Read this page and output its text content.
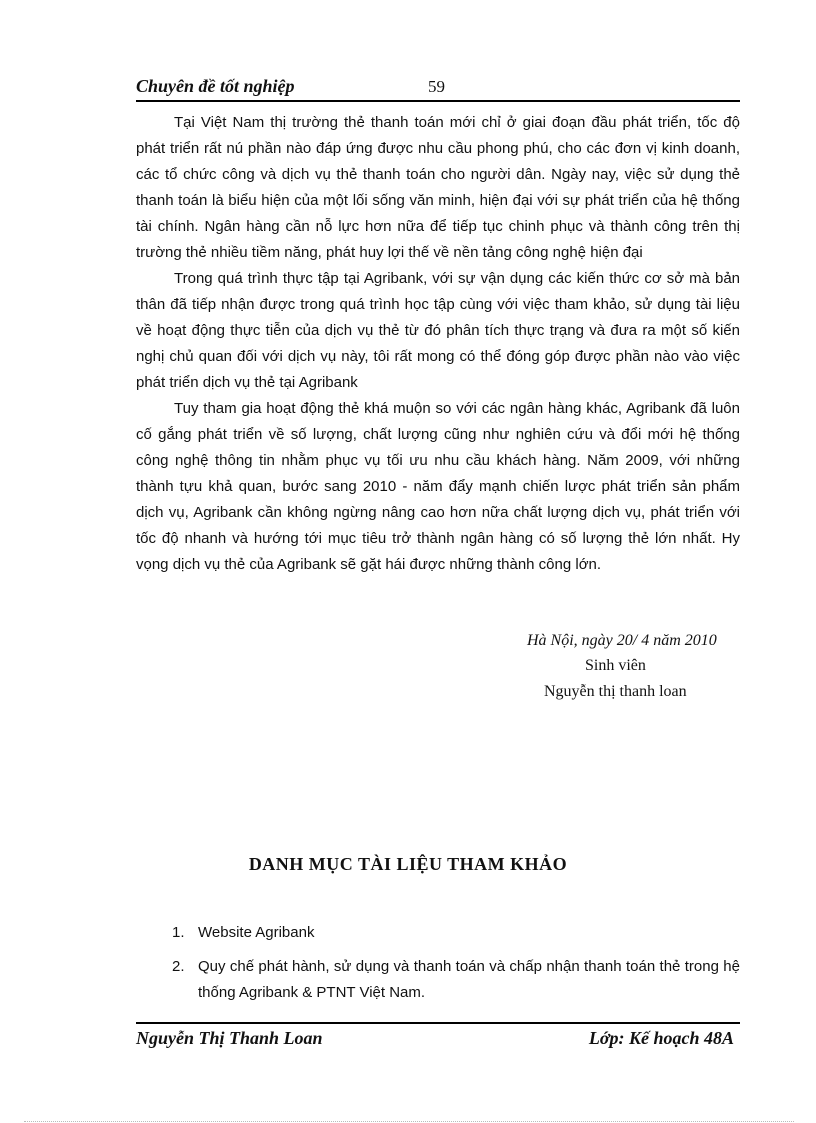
Chuyên đề tốt nghiệp	59

Tại Việt Nam thị trường thẻ thanh toán mới chỉ ở giai đoạn đầu phát triển, tốc độ phát triển rất nú phần nào đáp ứng được nhu cầu phong phú, cho các đơn vị kinh doanh, các tổ chức công và dịch vụ thẻ thanh toán cho người dân. Ngày nay, việc sử dụng thẻ thanh toán là biểu hiện của một lối sống văn minh, hiện đại với sự phát triển của hệ thống tài chính. Ngân hàng cần nỗ lực hơn nữa để tiếp tục chinh phục và thành công trên thị trường thẻ nhiều tiềm năng, phát huy lợi thế về nền tảng công nghệ hiện đại

Trong quá trình thực tập tại Agribank, với sự vận dụng các kiến thức cơ sở mà bản thân đã tiếp nhận được trong quá trình học tập cùng với việc tham khảo, sử dụng tài liệu về hoạt động thực tiễn của dịch vụ thẻ từ đó phân tích thực trạng và đưa ra một số kiến nghị chủ quan đối với dịch vụ này, tôi rất mong có thể đóng góp được phần nào vào việc phát triển dịch vụ thẻ tại Agribank

Tuy tham gia hoạt động thẻ khá muộn so với các ngân hàng khác, Agribank đã luôn cố gắng phát triển về số lượng, chất lượng cũng như nghiên cứu và đổi mới hệ thống công nghệ thông tin nhằm phục vụ tối ưu nhu cầu khách hàng. Năm 2009, với những thành tựu khả quan, bước sang 2010 - năm đẩy mạnh chiến lược phát triển sản phẩm dịch vụ, Agribank cần không ngừng nâng cao hơn nữa chất lượng dịch vụ, phát triển với tốc độ nhanh và hướng tới mục tiêu trở thành ngân hàng có số lượng thẻ lớn nhất. Hy vọng dịch vụ thẻ của Agribank sẽ gặt hái được những thành công lớn.

Hà Nội, ngày 20/ 4 năm 2010
Sinh viên
Nguyễn thị thanh loan
DANH MỤC TÀI LIỆU THAM KHẢO
1. Website Agribank
2. Quy chế phát hành, sử dụng và thanh toán và chấp nhận thanh toán thẻ trong hệ thống Agribank & PTNT Việt Nam.
Nguyễn Thị Thanh Loan	Lớp: Kế hoạch 48A
